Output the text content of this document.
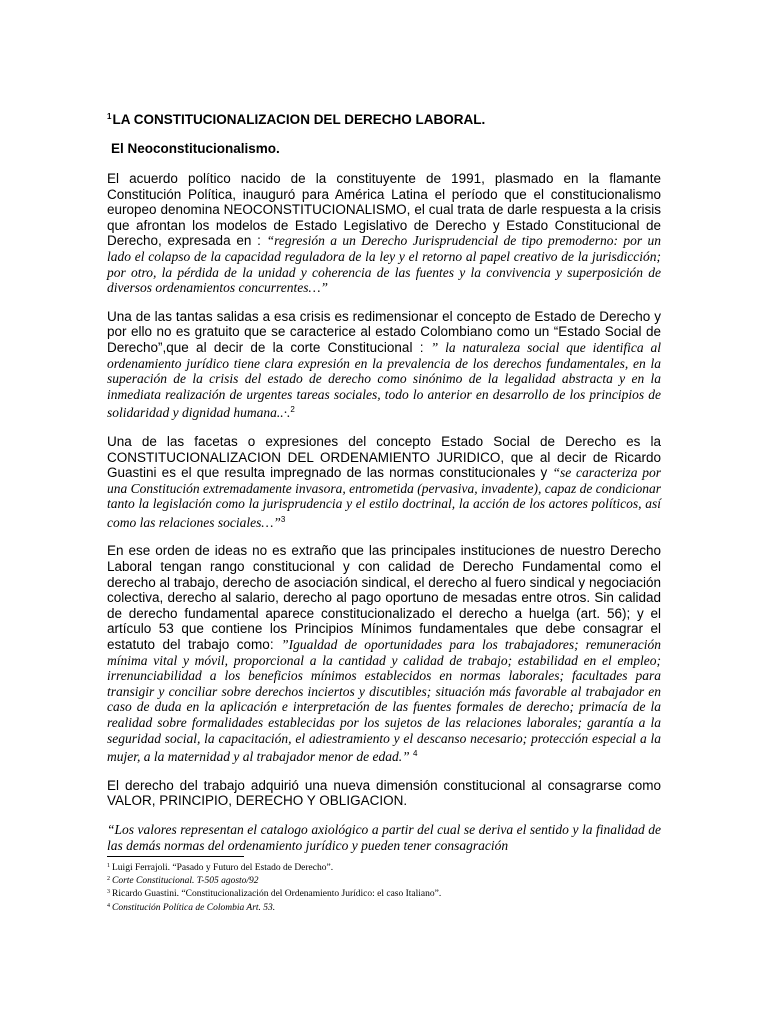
$^1$LA CONSTITUCIONALIZACION DEL DERECHO LABORAL.
El Neoconstitucionalismo.

El acuerdo político nacido de la constituyente de 1991, plasmado en la flamante Constitución Política, inauguró para América Latina el período que el constitucionalismo europeo denomina NEOCONSTITUCIONALISMO, el cual trata de darle respuesta a la crisis que afrontan los modelos de Estado Legislativo de Derecho y Estado Constitucional de Derecho, expresada en : “regresión a un Derecho Jurisprudencial de tipo premoderno: por un lado el colapso de la capacidad reguladora de la ley y el retorno al papel creativo de la jurisdicción; por otro, la pérdida de la unidad y coherencia de las fuentes y la convivencia y superposición de diversos ordenamientos concurrentes…”

Una de las tantas salidas a esa crisis es redimensionar el concepto de Estado de Derecho y por ello no es gratuito que se caracterice al estado Colombiano como un “Estado Social de Derecho”,que al decir de la corte Constitucional : ” la naturaleza social que identifica al ordenamiento jurídico tiene clara expresión en la prevalencia de los derechos fundamentales, en la superación de la crisis del estado de derecho como sinónimo de la legalidad abstracta y en la inmediata realización de urgentes tareas sociales, todo lo anterior en desarrollo de los principios de solidaridad y dignidad humana..·.$^2$

Una de las facetas o expresiones del concepto Estado Social de Derecho es la CONSTITUCIONALIZACION DEL ORDENAMIENTO JURIDICO, que al decir de Ricardo Guastini es el que resulta impregnado de las normas constitucionales y “se caracteriza por una Constitución extremadamente invasora, entrometida (pervasiva, invadente), capaz de condicionar tanto la legislación como la jurisprudencia y el estilo doctrinal, la acción de los actores políticos, así como las relaciones sociales…”$^3$

En ese orden de ideas no es extraño que las principales instituciones de nuestro Derecho Laboral tengan rango constitucional y con calidad de Derecho Fundamental como el derecho al trabajo, derecho de asociación sindical, el derecho al fuero sindical y negociación colectiva, derecho al salario, derecho al pago oportuno de mesadas entre otros. Sin calidad de derecho fundamental aparece constitucionalizado el derecho a huelga (art. 56); y el artículo 53 que contiene los Principios Mínimos fundamentales que debe consagrar el estatuto del trabajo como: ”Igualdad de oportunidades para los trabajadores; remuneración mínima vital y móvil, proporcional a la cantidad y calidad de trabajo; estabilidad en el empleo; irrenunciabilidad a los beneficios mínimos establecidos en normas laborales; facultades para transigir y conciliar sobre derechos inciertos y discutibles; situación más favorable al trabajador en caso de duda en la aplicación e interpretación de las fuentes formales de derecho; primacía de la realidad sobre formalidades establecidas por los sujetos de las relaciones laborales; garantía a la seguridad social, la capacitación, el adiestramiento y el descanso necesario; protección especial a la mujer, a la maternidad y al trabajador menor de edad.” $^4$

El derecho del trabajo adquirió una nueva dimensión constitucional al consagrarse como VALOR, PRINCIPIO, DERECHO Y OBLIGACION.

“Los valores representan el catalogo axiológico a partir del cual se deriva el sentido y la finalidad de las demás normas del ordenamiento jurídico y pueden tener consagración

$^1$ Luigi Ferrajoli. “Pasado y Futuro del Estado de Derecho”.

$^2$ Corte Constitucional. T-505 agosto/92

$^3$ Ricardo Guastini. “Constitucionalización del Ordenamiento Jurídico: el caso Italiano”.

$^4$ Constitución Política de Colombia Art. 53.
